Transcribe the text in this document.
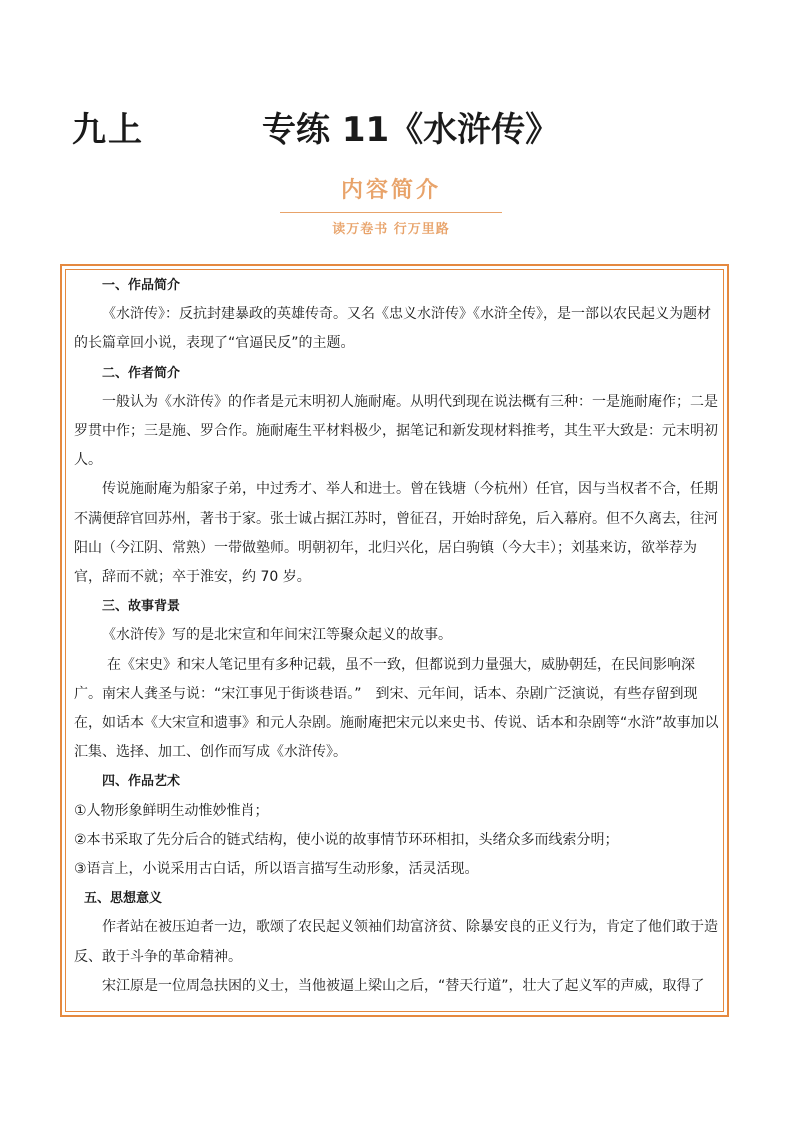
九上	专练 11《水浒传》
内容简介
读万卷书 行万里路

一、作品简介

《水浒传》：反抗封建暴政的英雄传奇。又名《忠义水浒传》《水浒全传》，是一部以农民起义为题材的长篇章回小说，表现了“官逼民反”的主题。

二、作者简介

一般认为《水浒传》的作者是元末明初人施耐庵。从明代到现在说法概有三种：一是施耐庵作；二是罗贯中作；三是施、罗合作。施耐庵生平材料极少，据笔记和新发现材料推考，其生平大致是：元末明初人。

传说施耐庵为船家子弟，中过秀才、举人和进士。曾在钱塘（今杭州）任官，因与当权者不合，任期不满便辞官回苏州，著书于家。张士诚占据江苏时，曾征召，开始时辞免，后入幕府。但不久离去，往河阳山（今江阴、常熟）一带做塾师。明朝初年，北归兴化，居白驹镇（今大丰）；刘基来访，欲举荐为官，辞而不就；卒于淮安，约 70 岁。

三、故事背景

《水浒传》写的是北宋宣和年间宋江等聚众起义的故事。

在《宋史》和宋人笔记里有多种记载，虽不一致，但都说到力量强大，威胁朝廷，在民间影响深广。南宋人龚圣与说：“宋江事见于街谈巷语。”　到宋、元年间，话本、杂剧广泛演说，有些存留到现在，如话本《大宋宣和遗事》和元人杂剧。施耐庵把宋元以来史书、传说、话本和杂剧等“水浒”故事加以汇集、选择、加工、创作而写成《水浒传》。

四、作品艺术

①人物形象鲜明生动惟妙惟肖；

②本书采取了先分后合的链式结构，使小说的故事情节环环相扣，头绪众多而线索分明；

③语言上，小说采用古白话，所以语言描写生动形象，活灵活现。

五、思想意义

作者站在被压迫者一边，歌颂了农民起义领袖们劫富济贫、除暴安良的正义行为，肯定了他们敢于造反、敢于斗争的革命精神。

宋江原是一位周急扶困的义士，当他被逼上梁山之后，“替天行道”，壮大了起义军的声威，取得了
